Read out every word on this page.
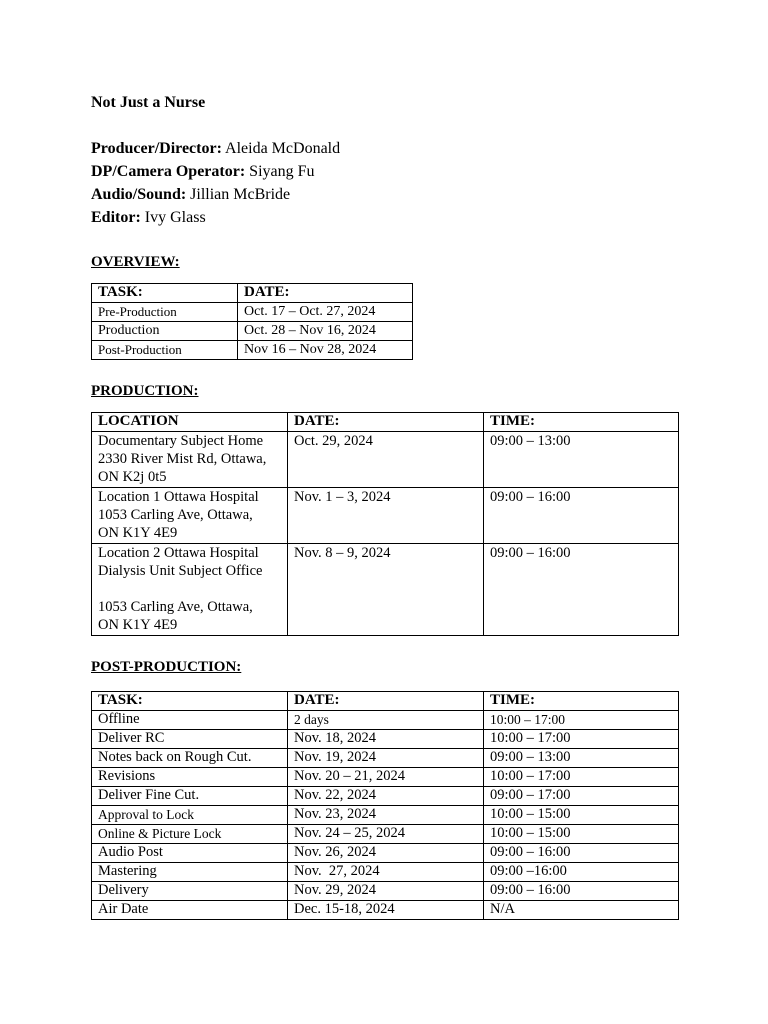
Not Just a Nurse
Producer/Director: Aleida McDonald
DP/Camera Operator: Siyang Fu
Audio/Sound: Jillian McBride
Editor: Ivy Glass
OVERVIEW:
TASK:	DATE:
Pre-Production	Oct. 17 – Oct. 27, 2024
Production	Oct. 28 – Nov 16, 2024
Post-Production	Nov 16 – Nov 28, 2024
PRODUCTION:
LOCATION	DATE:	TIME:

Documentary Subject Home
2330 River Mist Rd, Ottawa,
ON K2j 0t5	Oct. 29, 2024	09:00 – 13:00

Location 1 Ottawa Hospital
1053 Carling Ave, Ottawa,
ON K1Y 4E9	Nov. 1 – 3, 2024	09:00 – 16:00

Location 2 Ottawa Hospital
Dialysis Unit Subject Office
1053 Carling Ave, Ottawa,
ON K1Y 4E9	Nov. 8 – 9, 2024	09:00 – 16:00
POST-PRODUCTION:
TASK:	DATE:	TIME:
Offline	2 days	10:00 – 17:00
Deliver RC	Nov. 18, 2024	10:00 – 17:00
Notes back on Rough Cut.	Nov. 19, 2024	09:00 – 13:00
Revisions	Nov. 20 – 21, 2024	10:00 – 17:00
Deliver Fine Cut.	Nov. 22, 2024	09:00 – 17:00
Approval to Lock	Nov. 23, 2024	10:00 – 15:00
Online & Picture Lock	Nov. 24 – 25, 2024	10:00 – 15:00
Audio Post	Nov. 26, 2024	09:00 – 16:00
Mastering	Nov.  27, 2024	09:00 –16:00
Delivery	Nov. 29, 2024	09:00 – 16:00
Air Date	Dec. 15-18, 2024	N/A
